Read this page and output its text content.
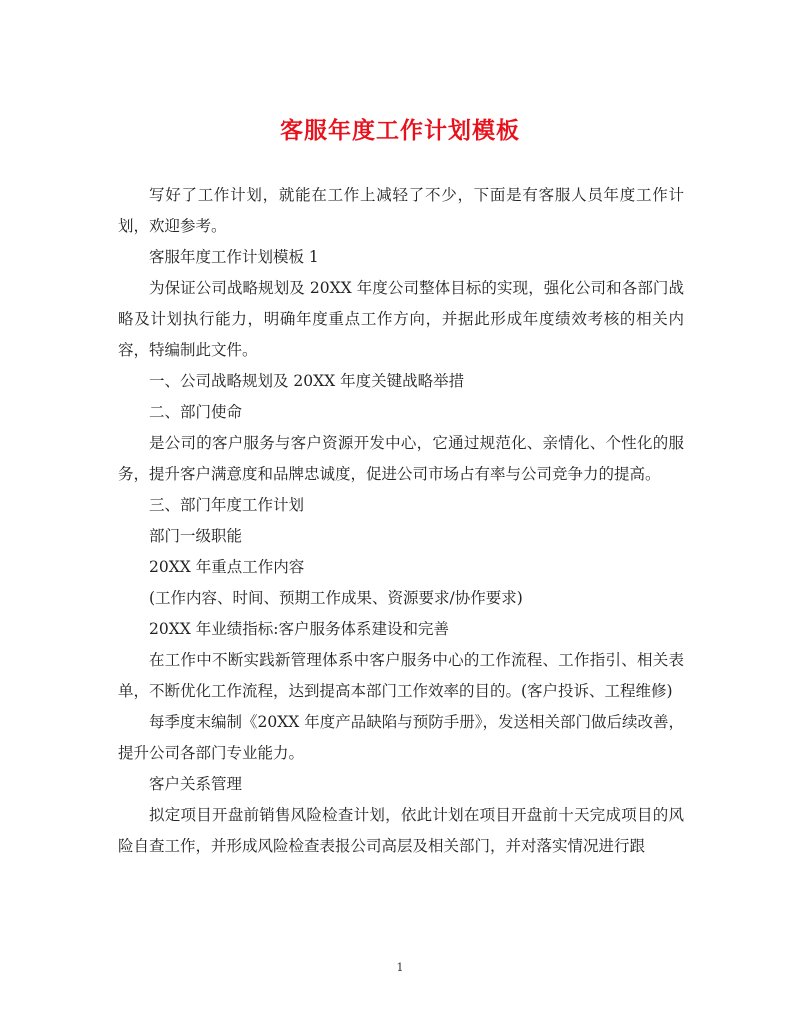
客服年度工作计划模板

写好了工作计划，就能在工作上减轻了不少，下面是有客服人员年度工作计划，欢迎参考。

客服年度工作计划模板 1

为保证公司战略规划及 20XX 年度公司整体目标的实现，强化公司和各部门战略及计划执行能力，明确年度重点工作方向，并据此形成年度绩效考核的相关内容，特编制此文件。

一、公司战略规划及 20XX 年度关键战略举措

二、部门使命

是公司的客户服务与客户资源开发中心，它通过规范化、亲情化、个性化的服务，提升客户满意度和品牌忠诚度，促进公司市场占有率与公司竞争力的提高。

三、部门年度工作计划

部门一级职能

20XX 年重点工作内容

(工作内容、时间、预期工作成果、资源要求/协作要求)

20XX 年业绩指标:客户服务体系建设和完善

在工作中不断实践新管理体系中客户服务中心的工作流程、工作指引、相关表单，不断优化工作流程，达到提高本部门工作效率的目的。(客户投诉、工程维修)

每季度末编制《20XX 年度产品缺陷与预防手册》，发送相关部门做后续改善，提升公司各部门专业能力。

客户关系管理

拟定项目开盘前销售风险检查计划，依此计划在项目开盘前十天完成项目的风险自查工作，并形成风险检查表报公司高层及相关部门，并对落实情况进行跟

1
